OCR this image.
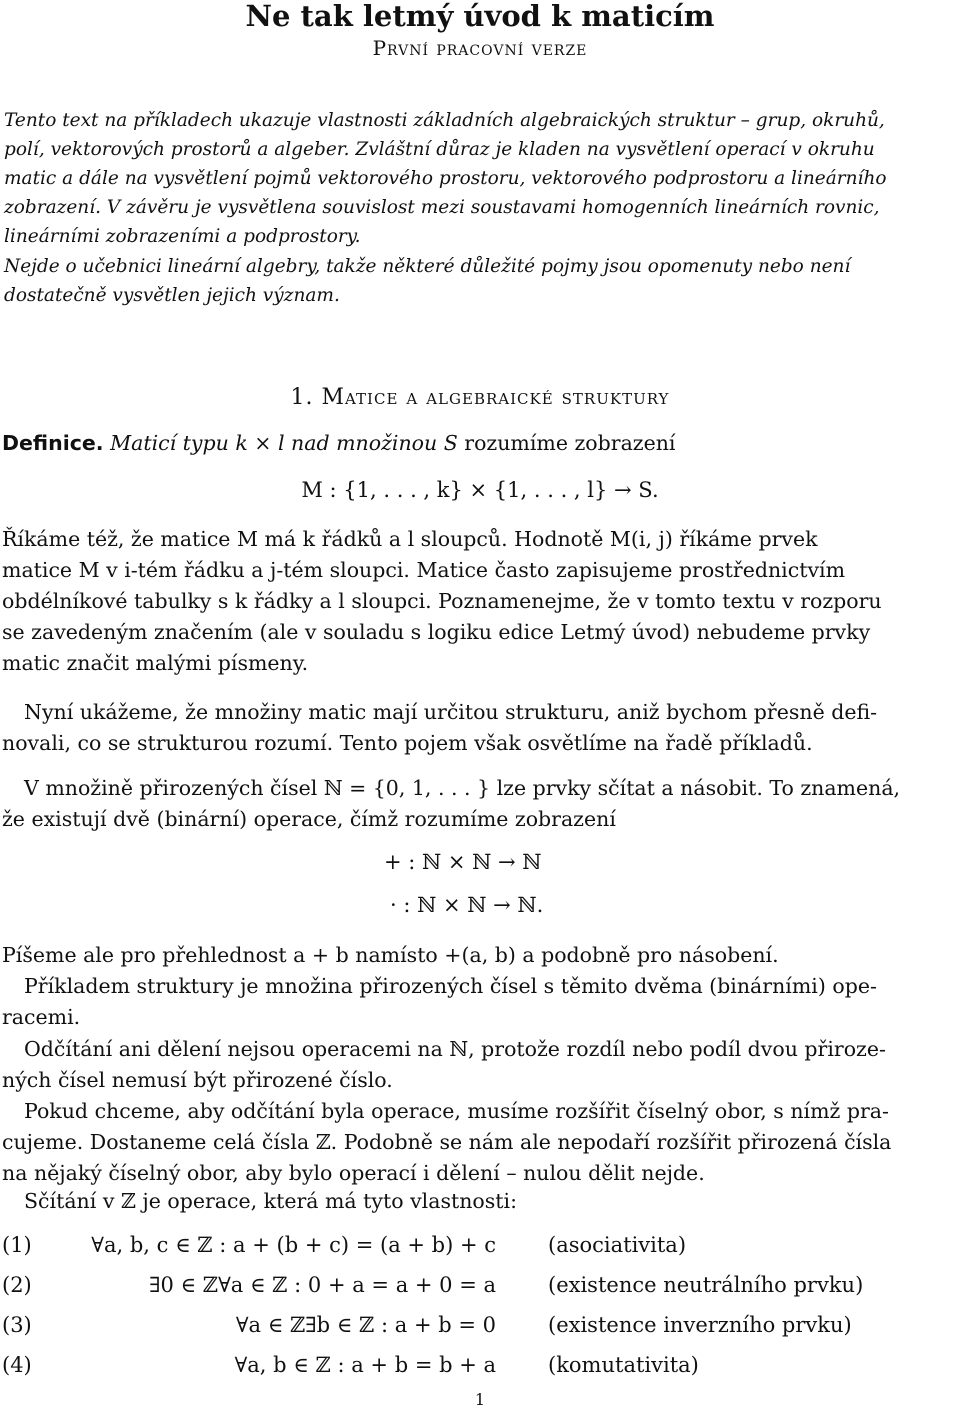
Ne tak letmý úvod k maticím
První pracovní verze
Tento text na příkladech ukazuje vlastnosti základních algebraických struktur – grup, okruhů,
polí, vektorových prostorů a algeber. Zvláštní důraz je kladen na vysvětlení operací v okruhu
matic a dále na vysvětlení pojmů vektorového prostoru, vektorového podprostoru a lineárního
zobrazení. V závěru je vysvětlena souvislost mezi soustavami homogenních lineárních rovnic,
lineárními zobrazeními a podprostory.
Nejde o učebnici lineární algebry, takže některé důležité pojmy jsou opomenuty nebo není
dostatečně vysvětlen jejich význam.
1. Matice a algebraické struktury
Definice. Maticí typu k × l nad množinou S rozumíme zobrazení
M : {1, . . . , k} × {1, . . . , l} → S.
Říkáme též, že matice M má k řádků a l sloupců. Hodnotě M(i, j) říkáme prvek
matice M v i-tém řádku a j-tém sloupci. Matice často zapisujeme prostřednictvím
obdélníkové tabulky s k řádky a l sloupci. Poznamenejme, že v tomto textu v rozporu
se zavedeným značením (ale v souladu s logiku edice Letmý úvod) nebudeme prvky
matic značit malými písmeny.
Nyní ukážeme, že množiny matic mají určitou strukturu, aniž bychom přesně defi-
novali, co se strukturou rozumí. Tento pojem však osvětlíme na řadě příkladů.
V množině přirozených čísel ℕ = {0, 1, . . . } lze prvky sčítat a násobit. To znamená,
že existují dvě (binární) operace, čímž rozumíme zobrazení
+ : ℕ × ℕ → ℕ
· : ℕ × ℕ → ℕ.
Píšeme ale pro přehlednost a + b namísto +(a, b) a podobně pro násobení.
Příkladem struktury je množina přirozených čísel s těmito dvěma (binárními) ope-
racemi.
Odčítání ani dělení nejsou operacemi na ℕ, protože rozdíl nebo podíl dvou přiroze-
ných čísel nemusí být přirozené číslo.
Pokud chceme, aby odčítání byla operace, musíme rozšířit číselný obor, s nímž pra-
cujeme. Dostaneme celá čísla ℤ. Podobně se nám ale nepodaří rozšířit přirozená čísla
na nějaký číselný obor, aby bylo operací i dělení – nulou dělit nejde.
Sčítání v ℤ je operace, která má tyto vlastnosti:
(1)	∀a, b, c ∈ ℤ : a + (b + c) = (a + b) + c (asociativita)
(2)	∃0 ∈ ℤ∀a ∈ ℤ : 0 + a = a + 0 = a (existence neutrálního prvku)
(3)	∀a ∈ ℤ∃b ∈ ℤ : a + b = 0 (existence inverzního prvku)
(4)	∀a, b ∈ ℤ : a + b = b + a (komutativita)
1
